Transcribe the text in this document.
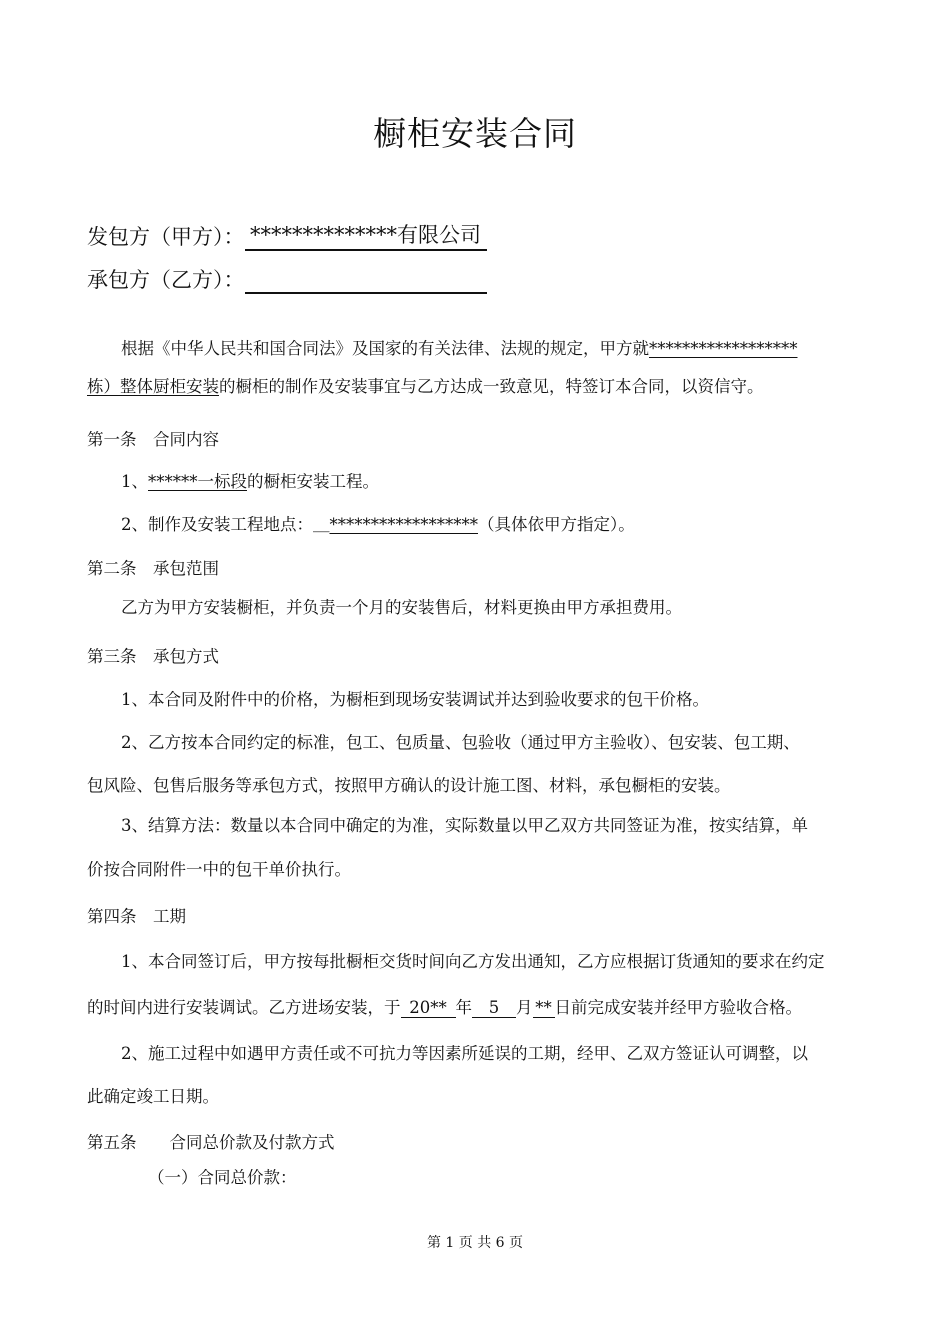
橱柜安装合同
发包方（甲方）： **************有限公司
承包方（乙方）：
根据《中华人民共和国合同法》及国家的有关法律、法规的规定，甲方就******************
栋）整体厨柜安装的橱柜的制作及安装事宜与乙方达成一致意见，特签订本合同，以资信守。
第一条　合同内容
1、******一标段的橱柜安装工程。
2、制作及安装工程地点：＿******************（具体依甲方指定）。
第二条　承包范围
乙方为甲方安装橱柜，并负责一个月的安装售后，材料更换由甲方承担费用。
第三条　承包方式
1、本合同及附件中的价格，为橱柜到现场安装调试并达到验收要求的包干价格。
2、乙方按本合同约定的标准，包工、包质量、包验收（通过甲方主验收）、包安装、包工期、
包风险、包售后服务等承包方式，按照甲方确认的设计施工图、材料，承包橱柜的安装。
3、结算方法：数量以本合同中确定的为准，实际数量以甲乙双方共同签证为准，按实结算，单
价按合同附件一中的包干单价执行。
第四条　工期
1、本合同签订后，甲方按每批橱柜交货时间向乙方发出通知，乙方应根据订货通知的要求在约定
的时间内进行安装调试。乙方进场安装，于 20** 年 5 月 ** 日前完成安装并经甲方验收合格。
2、施工过程中如遇甲方责任或不可抗力等因素所延误的工期，经甲、乙双方签证认可调整，以
此确定竣工日期。
第五条　　合同总价款及付款方式
（一）合同总价款：
第 1 页 共 6 页
